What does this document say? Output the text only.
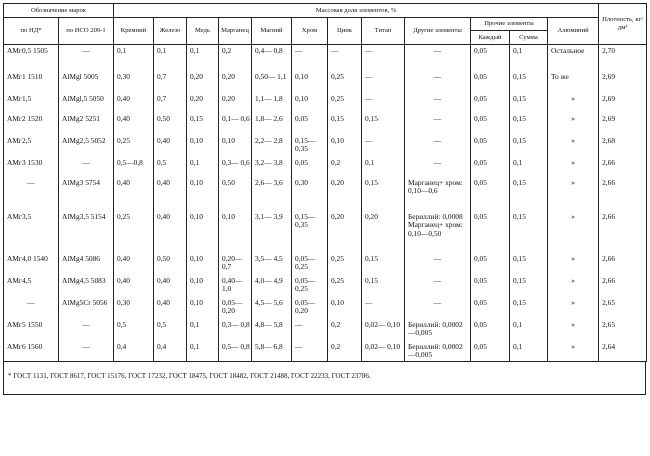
Обозначение марок		Массовая доля элементов, %												Плотность, кг/дм³
по НД*	по ИСО 209-1	Кремний	Железо	Медь	Марганец	Магний	Хром	Цинк	Титан	Другие элементы	Прочие элементы		Алюминий	
											Каждый	Сумма		
АМг0,5 1505	—	0,1	0,1	0,1	0,2	0,4— 0,8	—	—	—	—	0,05	0,1	Остальное	2,70
АМг1 1510	AlMgl 5005	0,30	0,7	0,20	0,20	0,50— 1,1	0,10	0,25	—	—	0,05	0,15	То же	2,69
АМг1,5	AlMgl,5 5050	0,40	0,7	0,20	0,20	1,1— 1,8	0,10	0,25	—	—	0,05	0,15	»	2,69
АМг2 1520	AlMg2 5251	0,40	0,50	0,15	0,1— 0,6	1,8— 2,6	0,05	0,15	0,15	—	0,05	0,15	»	2,69
АМг2,5	AlMg2,5 5052	0,25	0,40	0,10	0,10	2,2— 2,8	0,15— 0,35	0,10	—	—	0,05	0,15	»	2,68
АМг3 1530	—	0,5—0,8	0,5	0,1	0,3— 0,6	3,2— 3,8	0,05	0,2	0,1	—	0,05	0,1	»	2,66
—	AlMg3 5754	0,40	0,40	0,10	0,50	2,6— 3,6	0,30	0,20	0,15	Марганец+ хром: 0,10—0,6	0,05	0,15	»	2,66
АМг3,5	AlMg3,5 5154	0,25	0,40	0,10	0,10	3,1— 3,9	0,15— 0,35	0,20	0,20	Бериллий: 0,0008 Марганец+ хром: 0,10—0,50	0,05	0,15	»	2,66
АМг4,0 1540	AlMg4 5086	0,40	0,50	0,10	0,20— 0,7	3,5— 4,5	0,05— 0,25	0,25	0,15	—	0,05	0,15	»	2,66
АМг4,5	AlMg4,5 5083	0,40	0,40	0,10	0,40— 1,0	4,0— 4,9	0,05— 0,25	0,25	0,15	—	0,05	0,15	»	2,66
—	AlMg5Cr 5056	0,30	0,40	0,10	0,05— 0,20	4,5— 5,6	0,05— 0,20	0,10	—	—	0,05	0,15	»	2,65
АМг5 1550	—	0,5	0,5	0,1	0,3— 0,8	4,8— 5,8	—	0,2	0,02— 0,10	Бериллий: 0,0002—0,005	0,05	0,1	»	2,65
АМг6 1560	—	0,4	0,4	0,1	0,5— 0,8	5,8— 6,8	—	0,2	0,02— 0,10	Бериллий: 0,0002—0,005	0,05	0,1	»	2,64
* ГОСТ 1131, ГОСТ 8617, ГОСТ 15176, ГОСТ 17232, ГОСТ 18475, ГОСТ 18482, ГОСТ 21488, ГОСТ 22233, ГОСТ 23786.
